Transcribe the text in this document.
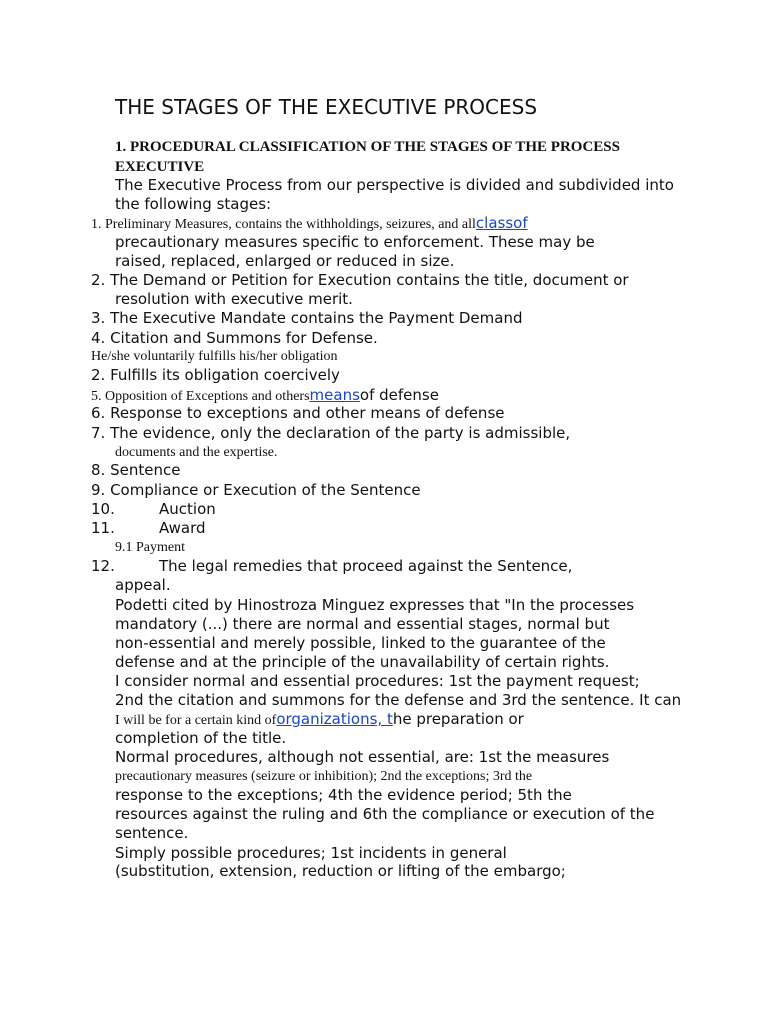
THE STAGES OF THE EXECUTIVE PROCESS
1. PROCEDURAL CLASSIFICATION OF THE STAGES OF THE PROCESS
EXECUTIVE
The Executive Process from our perspective is divided and subdivided into
the following stages:
1. Preliminary Measures, contains the withholdings, seizures, and allclassof
precautionary measures specific to enforcement. These may be
raised, replaced, enlarged or reduced in size.
2. The Demand or Petition for Execution contains the title, document or
resolution with executive merit.
3. The Executive Mandate contains the Payment Demand
4. Citation and Summons for Defense.
He/she voluntarily fulfills his/her obligation
2. Fulfills its obligation coercively
5. Opposition of Exceptions and othersmeansof defense
6. Response to exceptions and other means of defense
7. The evidence, only the declaration of the party is admissible,
documents and the expertise.
8. Sentence
9. Compliance or Execution of the Sentence
10.	Auction
11.	Award
9.1 Payment
12.	The legal remedies that proceed against the Sentence,
appeal.
Podetti cited by Hinostroza Minguez expresses that "In the processes
mandatory (...) there are normal and essential stages, normal but
non-essential and merely possible, linked to the guarantee of the
defense and at the principle of the unavailability of certain rights.
I consider normal and essential procedures: 1st the payment request;
2nd the citation and summons for the defense and 3rd the sentence. It can
I will be for a certain kind oforganizations, the preparation or
completion of the title.
Normal procedures, although not essential, are: 1st the measures
precautionary measures (seizure or inhibition); 2nd the exceptions; 3rd the
response to the exceptions; 4th the evidence period; 5th the
resources against the ruling and 6th the compliance or execution of the
sentence.
Simply possible procedures; 1st incidents in general
(substitution, extension, reduction or lifting of the embargo;
